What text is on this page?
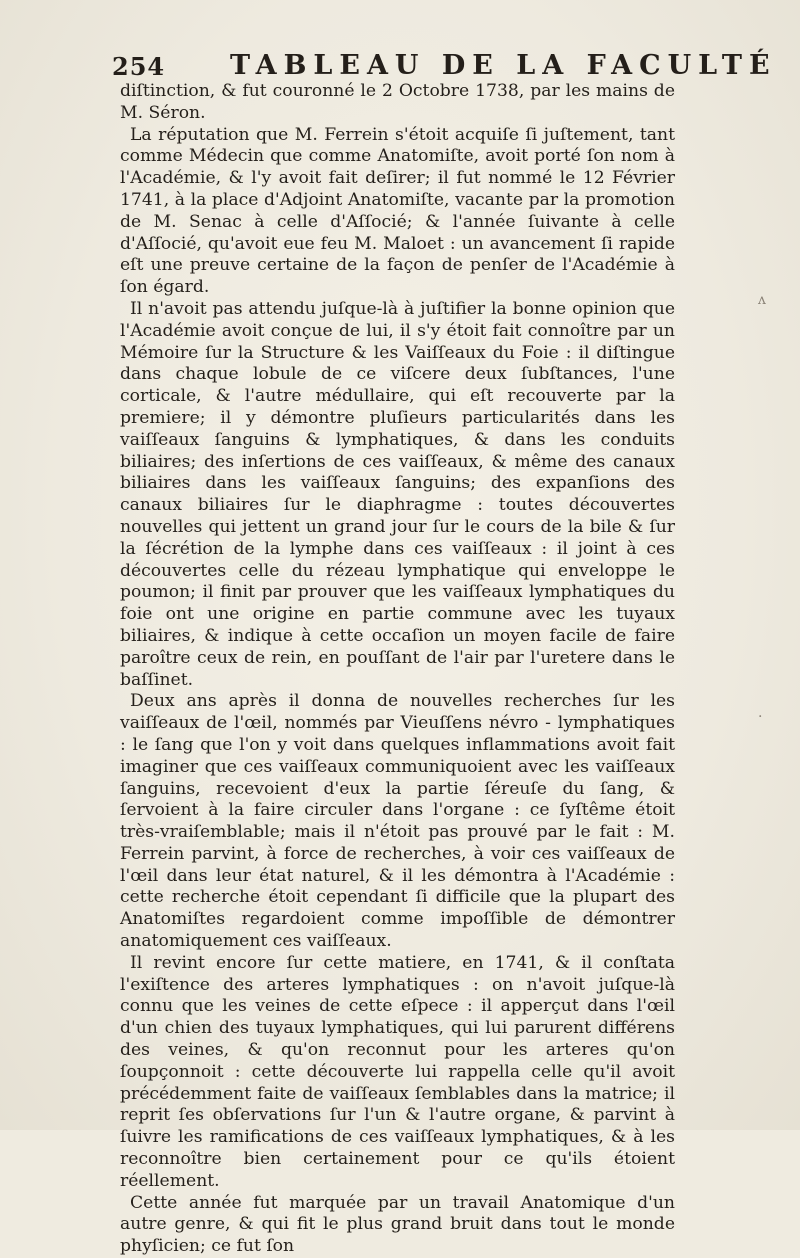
254 TABLEAU DE LA FACULTÉ

diſtinction, & fut couronné le 2 Octobre 1738, par les mains de M. Séron.

La réputation que M. Ferrein s'étoit acquiſe ſi juſtement, tant comme Médecin que comme Anatomiſte, avoit porté ſon nom à l'Académie, & l'y avoit fait deſirer; il fut nommé le 12 Février 1741, à la place d'Adjoint Anatomiſte, vacante par la promotion de M. Senac à celle d'Aſſocié; & l'année ſuivante à celle d'Aſſocié, qu'avoit eue feu M. Maloet : un avancement ſi rapide eſt une preuve certaine de la façon de penſer de l'Académie à ſon égard.

Il n'avoit pas attendu juſque-là à juſtifier la bonne opinion que l'Académie avoit conçue de lui, il s'y étoit fait connoître par un Mémoire ſur la Structure & les Vaiſſeaux du Foie : il diſtingue dans chaque lobule de ce viſcere deux ſubſtances, l'une corticale, & l'autre médullaire, qui eſt recouverte par la premiere; il y démontre pluſieurs particularités dans les vaiſſeaux ſanguins & lymphatiques, & dans les conduits biliaires; des inſertions de ces vaiſſeaux, & même des canaux biliaires dans les vaiſſeaux ſanguins; des expanſions des canaux biliaires ſur le diaphragme : toutes découvertes nouvelles qui jettent un grand jour ſur le cours de la bile & ſur la ſécrétion de la lymphe dans ces vaiſſeaux : il joint à ces découvertes celle du rézeau lymphatique qui enveloppe le poumon; il finit par prouver que les vaiſſeaux lymphatiques du foie ont une origine en partie commune avec les tuyaux biliaires, & indique à cette occaſion un moyen facile de faire paroître ceux de rein, en pouſſant de l'air par l'uretere dans le baſſinet.

Deux ans après il donna de nouvelles recherches ſur les vaiſſeaux de l'œil, nommés par Vieuſſens névro - lymphatiques : le ſang que l'on y voit dans quelques inflammations avoit fait imaginer que ces vaiſſeaux communiquoient avec les vaiſſeaux ſanguins, recevoient d'eux la partie ſéreuſe du ſang, & ſervoient à la faire circuler dans l'organe : ce ſyſtême étoit très-vraiſemblable; mais il n'étoit pas prouvé par le fait : M. Ferrein parvint, à force de recherches, à voir ces vaiſſeaux de l'œil dans leur état naturel, & il les démontra à l'Académie : cette recherche étoit cependant ſi difficile que la plupart des Anatomiſtes regardoient comme impoſſible de démontrer anatomiquement ces vaiſſeaux.

Il revint encore ſur cette matiere, en 1741, & il conſtata l'exiſtence des arteres lymphatiques : on n'avoit juſque-là connu que les veines de cette eſpece : il apperçut dans l'œil d'un chien des tuyaux lymphatiques, qui lui parurent différens des veines, & qu'on reconnut pour les arteres qu'on ſoupçonnoit : cette découverte lui rappella celle qu'il avoit précédemment faite de vaiſſeaux ſemblables dans la matrice; il reprit ſes obſervations ſur l'un & l'autre organe, & parvint à ſuivre les ramifications de ces vaiſſeaux lymphatiques, & à les reconnoître bien certainement pour ce qu'ils étoient réellement.

Cette année fut marquée par un travail Anatomique d'un autre genre, & qui fit le plus grand bruit dans tout le monde phyſicien; ce fut ſon

ʌ
.
